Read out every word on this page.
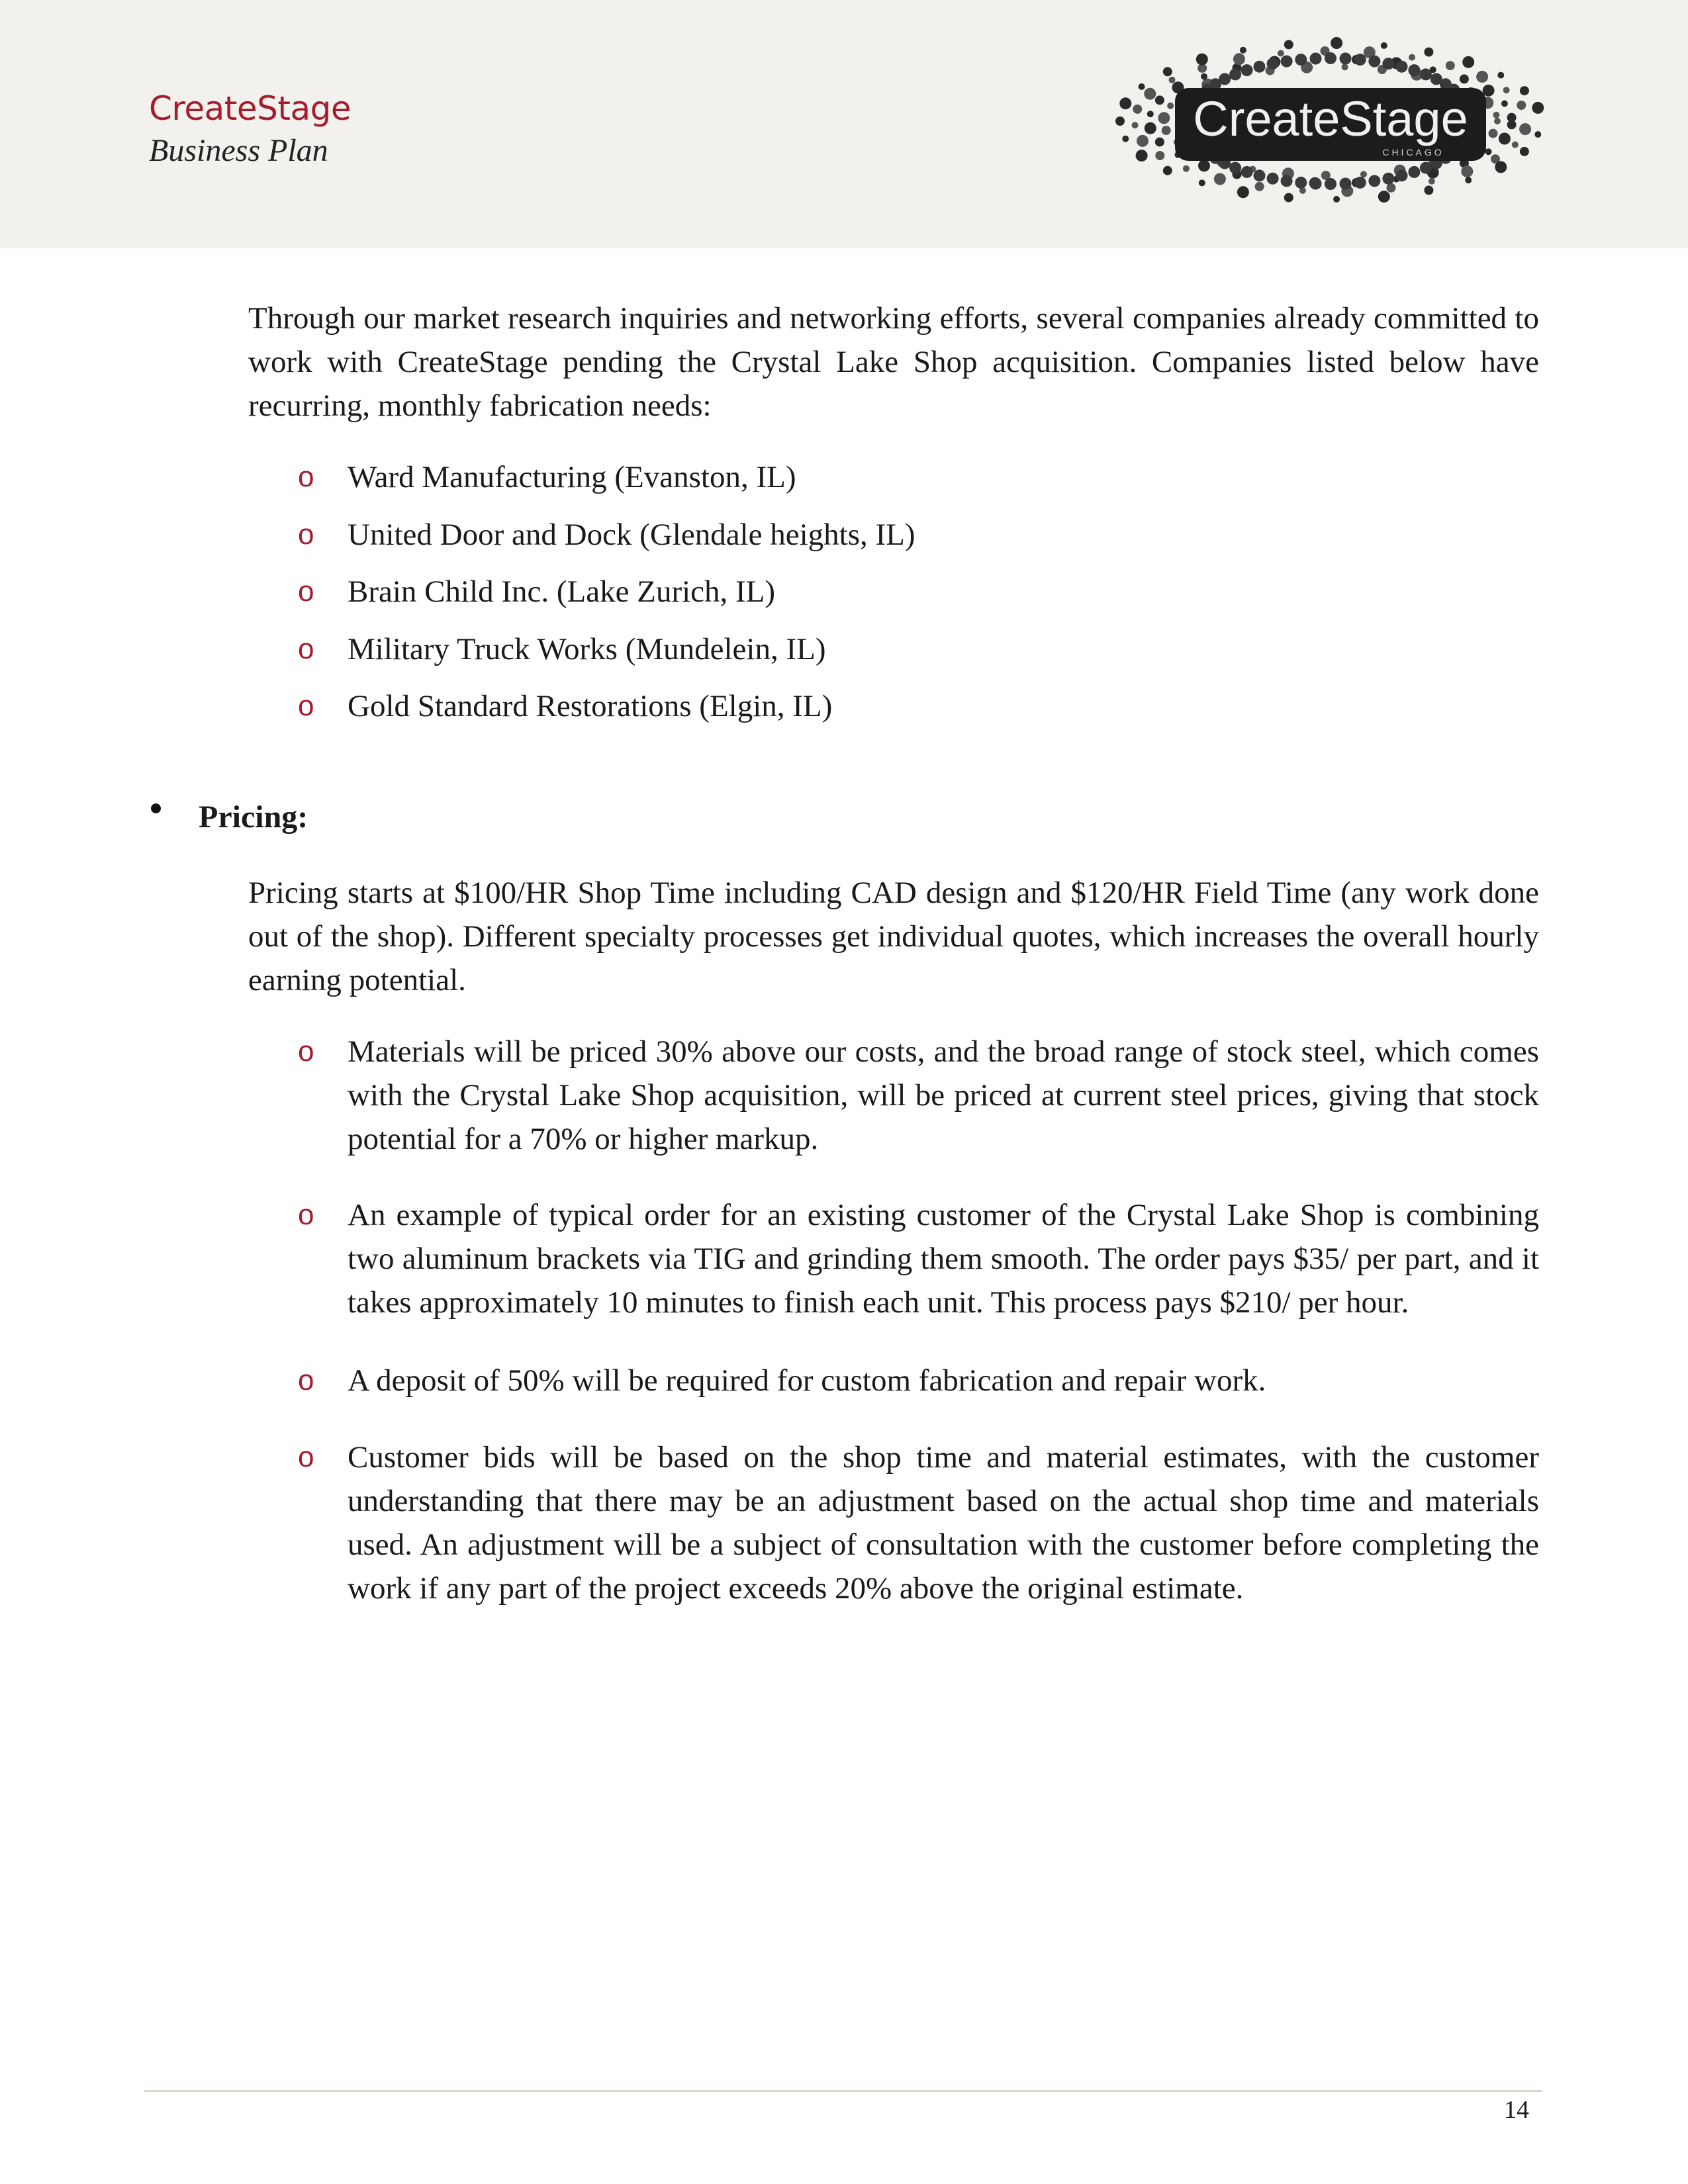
CreateStage
Business Plan
CreateStage
CHICAGO
Through our market research inquiries and networking efforts, several companies already committed to work with CreateStage pending the Crystal Lake Shop acquisition. Companies listed below have recurring, monthly fabrication needs:
o Ward Manufacturing (Evanston, IL)
o United Door and Dock (Glendale heights, IL)
o Brain Child Inc. (Lake Zurich, IL)
o Military Truck Works (Mundelein, IL)
o Gold Standard Restorations (Elgin, IL)
Pricing:
Pricing starts at $100/HR Shop Time including CAD design and $120/HR Field Time (any work done out of the shop). Different specialty processes get individual quotes, which increases the overall hourly earning potential.
o Materials will be priced 30% above our costs, and the broad range of stock steel, which comes with the Crystal Lake Shop acquisition, will be priced at current steel prices, giving that stock potential for a 70% or higher markup.
o An example of typical order for an existing customer of the Crystal Lake Shop is combining two aluminum brackets via TIG and grinding them smooth. The order pays $35/ per part, and it takes approximately 10 minutes to finish each unit. This process pays $210/ per hour.
o A deposit of 50% will be required for custom fabrication and repair work.
o Customer bids will be based on the shop time and material estimates, with the customer understanding that there may be an adjustment based on the actual shop time and materials used. An adjustment will be a subject of consultation with the customer before completing the work if any part of the project exceeds 20% above the original estimate.
14
